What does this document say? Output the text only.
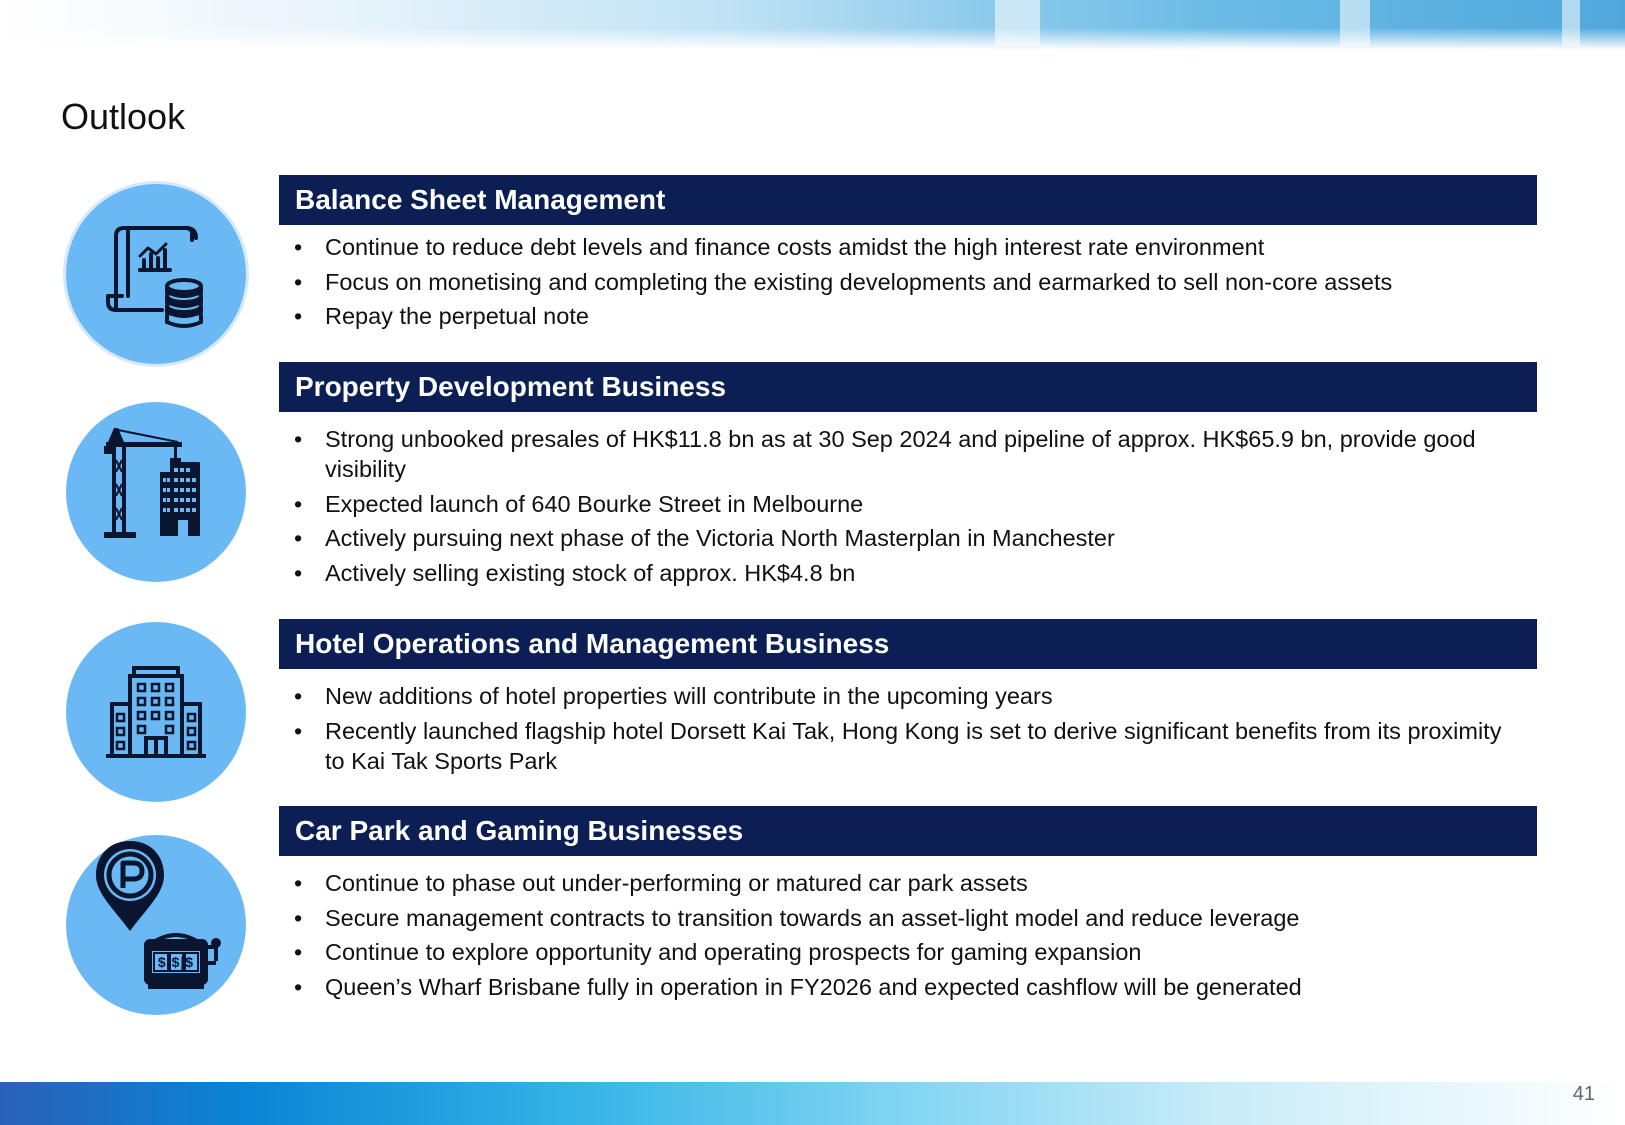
41
Outlook
Balance Sheet Management
• Continue to reduce debt levels and finance costs amidst the high interest rate environment
• Focus on monetising and completing the existing developments and earmarked to sell non-core assets
• Repay the perpetual note
Property Development Business
• Strong unbooked presales of HK$11.8 bn as at 30 Sep 2024 and pipeline of approx. HK$65.9 bn, provide good visibility
• Expected launch of 640 Bourke Street in Melbourne
• Actively pursuing next phase of the Victoria North Masterplan in Manchester
• Actively selling existing stock of approx. HK$4.8 bn
Hotel Operations and Management Business
• New additions of hotel properties will contribute in the upcoming years
• Recently launched flagship hotel Dorsett Kai Tak, Hong Kong is set to derive significant benefits from its proximity to Kai Tak Sports Park
$|$|$
Car Park and Gaming Businesses
• Continue to phase out under-performing or matured car park assets
• Secure management contracts to transition towards an asset-light model and reduce leverage
• Continue to explore opportunity and operating prospects for gaming expansion
• Queen’s Wharf Brisbane fully in operation in FY2026 and expected cashflow will be generated
